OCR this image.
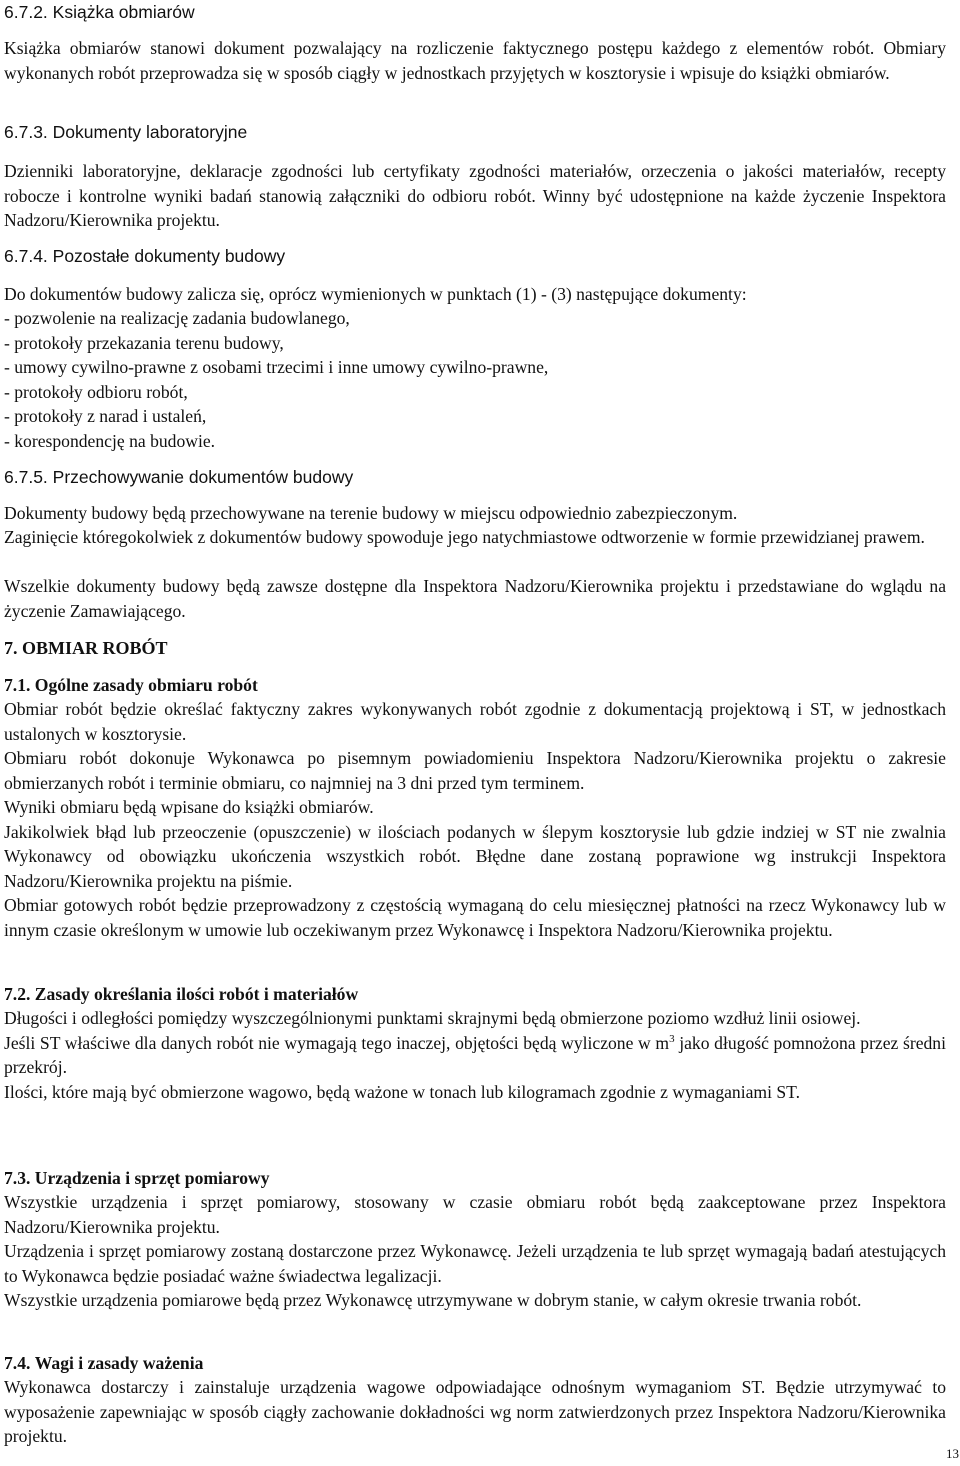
6.7.2. Książka obmiarów

Książka obmiarów stanowi dokument pozwalający na rozliczenie faktycznego postępu każdego z elementów robót. Obmiary wykonanych robót przeprowadza się w sposób ciągły w jednostkach przyjętych w kosztorysie i wpisuje do książki obmiarów.

6.7.3. Dokumenty laboratoryjne

Dzienniki laboratoryjne, deklaracje zgodności lub certyfikaty zgodności materiałów, orzeczenia o jakości materiałów, recepty robocze i kontrolne wyniki badań stanowią załączniki do odbioru robót. Winny być udostępnione na każde życzenie Inspektora Nadzoru/Kierownika projektu.

6.7.4. Pozostałe dokumenty budowy

Do dokumentów budowy zalicza się, oprócz wymienionych w punktach (1) - (3) następujące dokumenty:

- pozwolenie na realizację zadania budowlanego,

- protokoły przekazania terenu budowy,

- umowy cywilno-prawne z osobami trzecimi i inne umowy cywilno-prawne,

- protokoły odbioru robót,

- protokoły z narad i ustaleń,

- korespondencję na budowie.

6.7.5. Przechowywanie dokumentów budowy

Dokumenty budowy będą przechowywane na terenie budowy w miejscu odpowiednio zabezpieczonym.

Zaginięcie któregokolwiek z dokumentów budowy spowoduje jego natychmiastowe odtworzenie w formie przewidzianej prawem.

Wszelkie dokumenty budowy będą zawsze dostępne dla Inspektora Nadzoru/Kierownika projektu i przedstawiane do wglądu na życzenie Zamawiającego.

7. OBMIAR ROBÓT

7.1. Ogólne zasady obmiaru robót

Obmiar robót będzie określać faktyczny zakres wykonywanych robót zgodnie z dokumentacją projektową i ST, w jednostkach ustalonych w kosztorysie.

Obmiaru robót dokonuje Wykonawca po pisemnym powiadomieniu Inspektora Nadzoru/Kierownika projektu o zakresie obmierzanych robót i terminie obmiaru, co najmniej na 3 dni przed tym terminem.

Wyniki obmiaru będą wpisane do książki obmiarów.

Jakikolwiek błąd lub przeoczenie (opuszczenie) w ilościach podanych w ślepym kosztorysie lub gdzie indziej w ST nie zwalnia Wykonawcy od obowiązku ukończenia wszystkich robót. Błędne dane zostaną poprawione wg instrukcji Inspektora Nadzoru/Kierownika projektu na piśmie.

Obmiar gotowych robót będzie przeprowadzony z częstością wymaganą do celu miesięcznej płatności na rzecz Wykonawcy lub w innym czasie określonym w umowie lub oczekiwanym przez Wykonawcę i Inspektora Nadzoru/Kierownika projektu.

7.2. Zasady określania ilości robót i materiałów

Długości i odległości pomiędzy wyszczególnionymi punktami skrajnymi będą obmierzone poziomo wzdłuż linii osiowej.

Jeśli ST właściwe dla danych robót nie wymagają tego inaczej, objętości będą wyliczone w $m^3$ jako długość pomnożona przez średni przekrój.

Ilości, które mają być obmierzone wagowo, będą ważone w tonach lub kilogramach zgodnie z wymaganiami ST.

7.3. Urządzenia i sprzęt pomiarowy

Wszystkie urządzenia i sprzęt pomiarowy, stosowany w czasie obmiaru robót będą zaakceptowane przez Inspektora Nadzoru/Kierownika projektu.

Urządzenia i sprzęt pomiarowy zostaną dostarczone przez Wykonawcę. Jeżeli urządzenia te lub sprzęt wymagają badań atestujących to Wykonawca będzie posiadać ważne świadectwa legalizacji.

Wszystkie urządzenia pomiarowe będą przez Wykonawcę utrzymywane w dobrym stanie, w całym okresie trwania robót.

7.4. Wagi i zasady ważenia

Wykonawca dostarczy i zainstaluje urządzenia wagowe odpowiadające odnośnym wymaganiom ST. Będzie utrzymywać to wyposażenie zapewniając w sposób ciągły zachowanie dokładności wg norm zatwierdzonych przez Inspektora Nadzoru/Kierownika projektu.

13
